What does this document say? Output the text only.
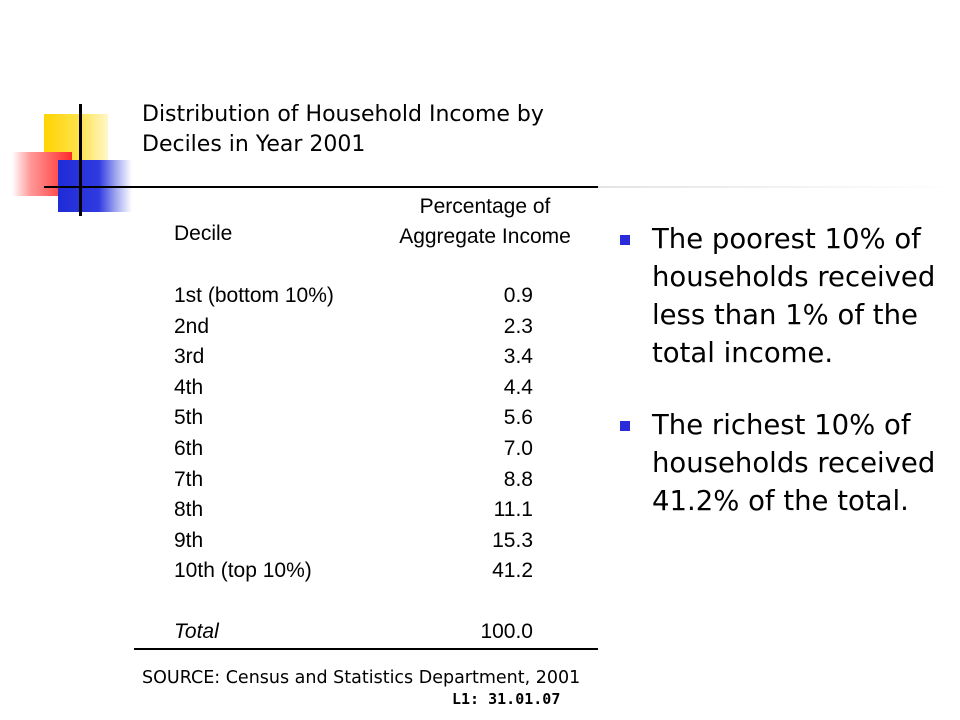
Distribution of Household Income by Deciles in Year 2001
Decile
Percentage of
Aggregate Income
1st (bottom 10%)	0.9
2nd	2.3
3rd	3.4
4th	4.4
5th	5.6
6th	7.0
7th	8.8
8th	11.1
9th	15.3
10th (top 10%)	41.2
Total	100.0
SOURCE: Census and Statistics Department, 2001
L1: 31.01.07
The poorest 10% of households received less than 1% of the total income.
The richest 10% of households received 41.2% of the total.
